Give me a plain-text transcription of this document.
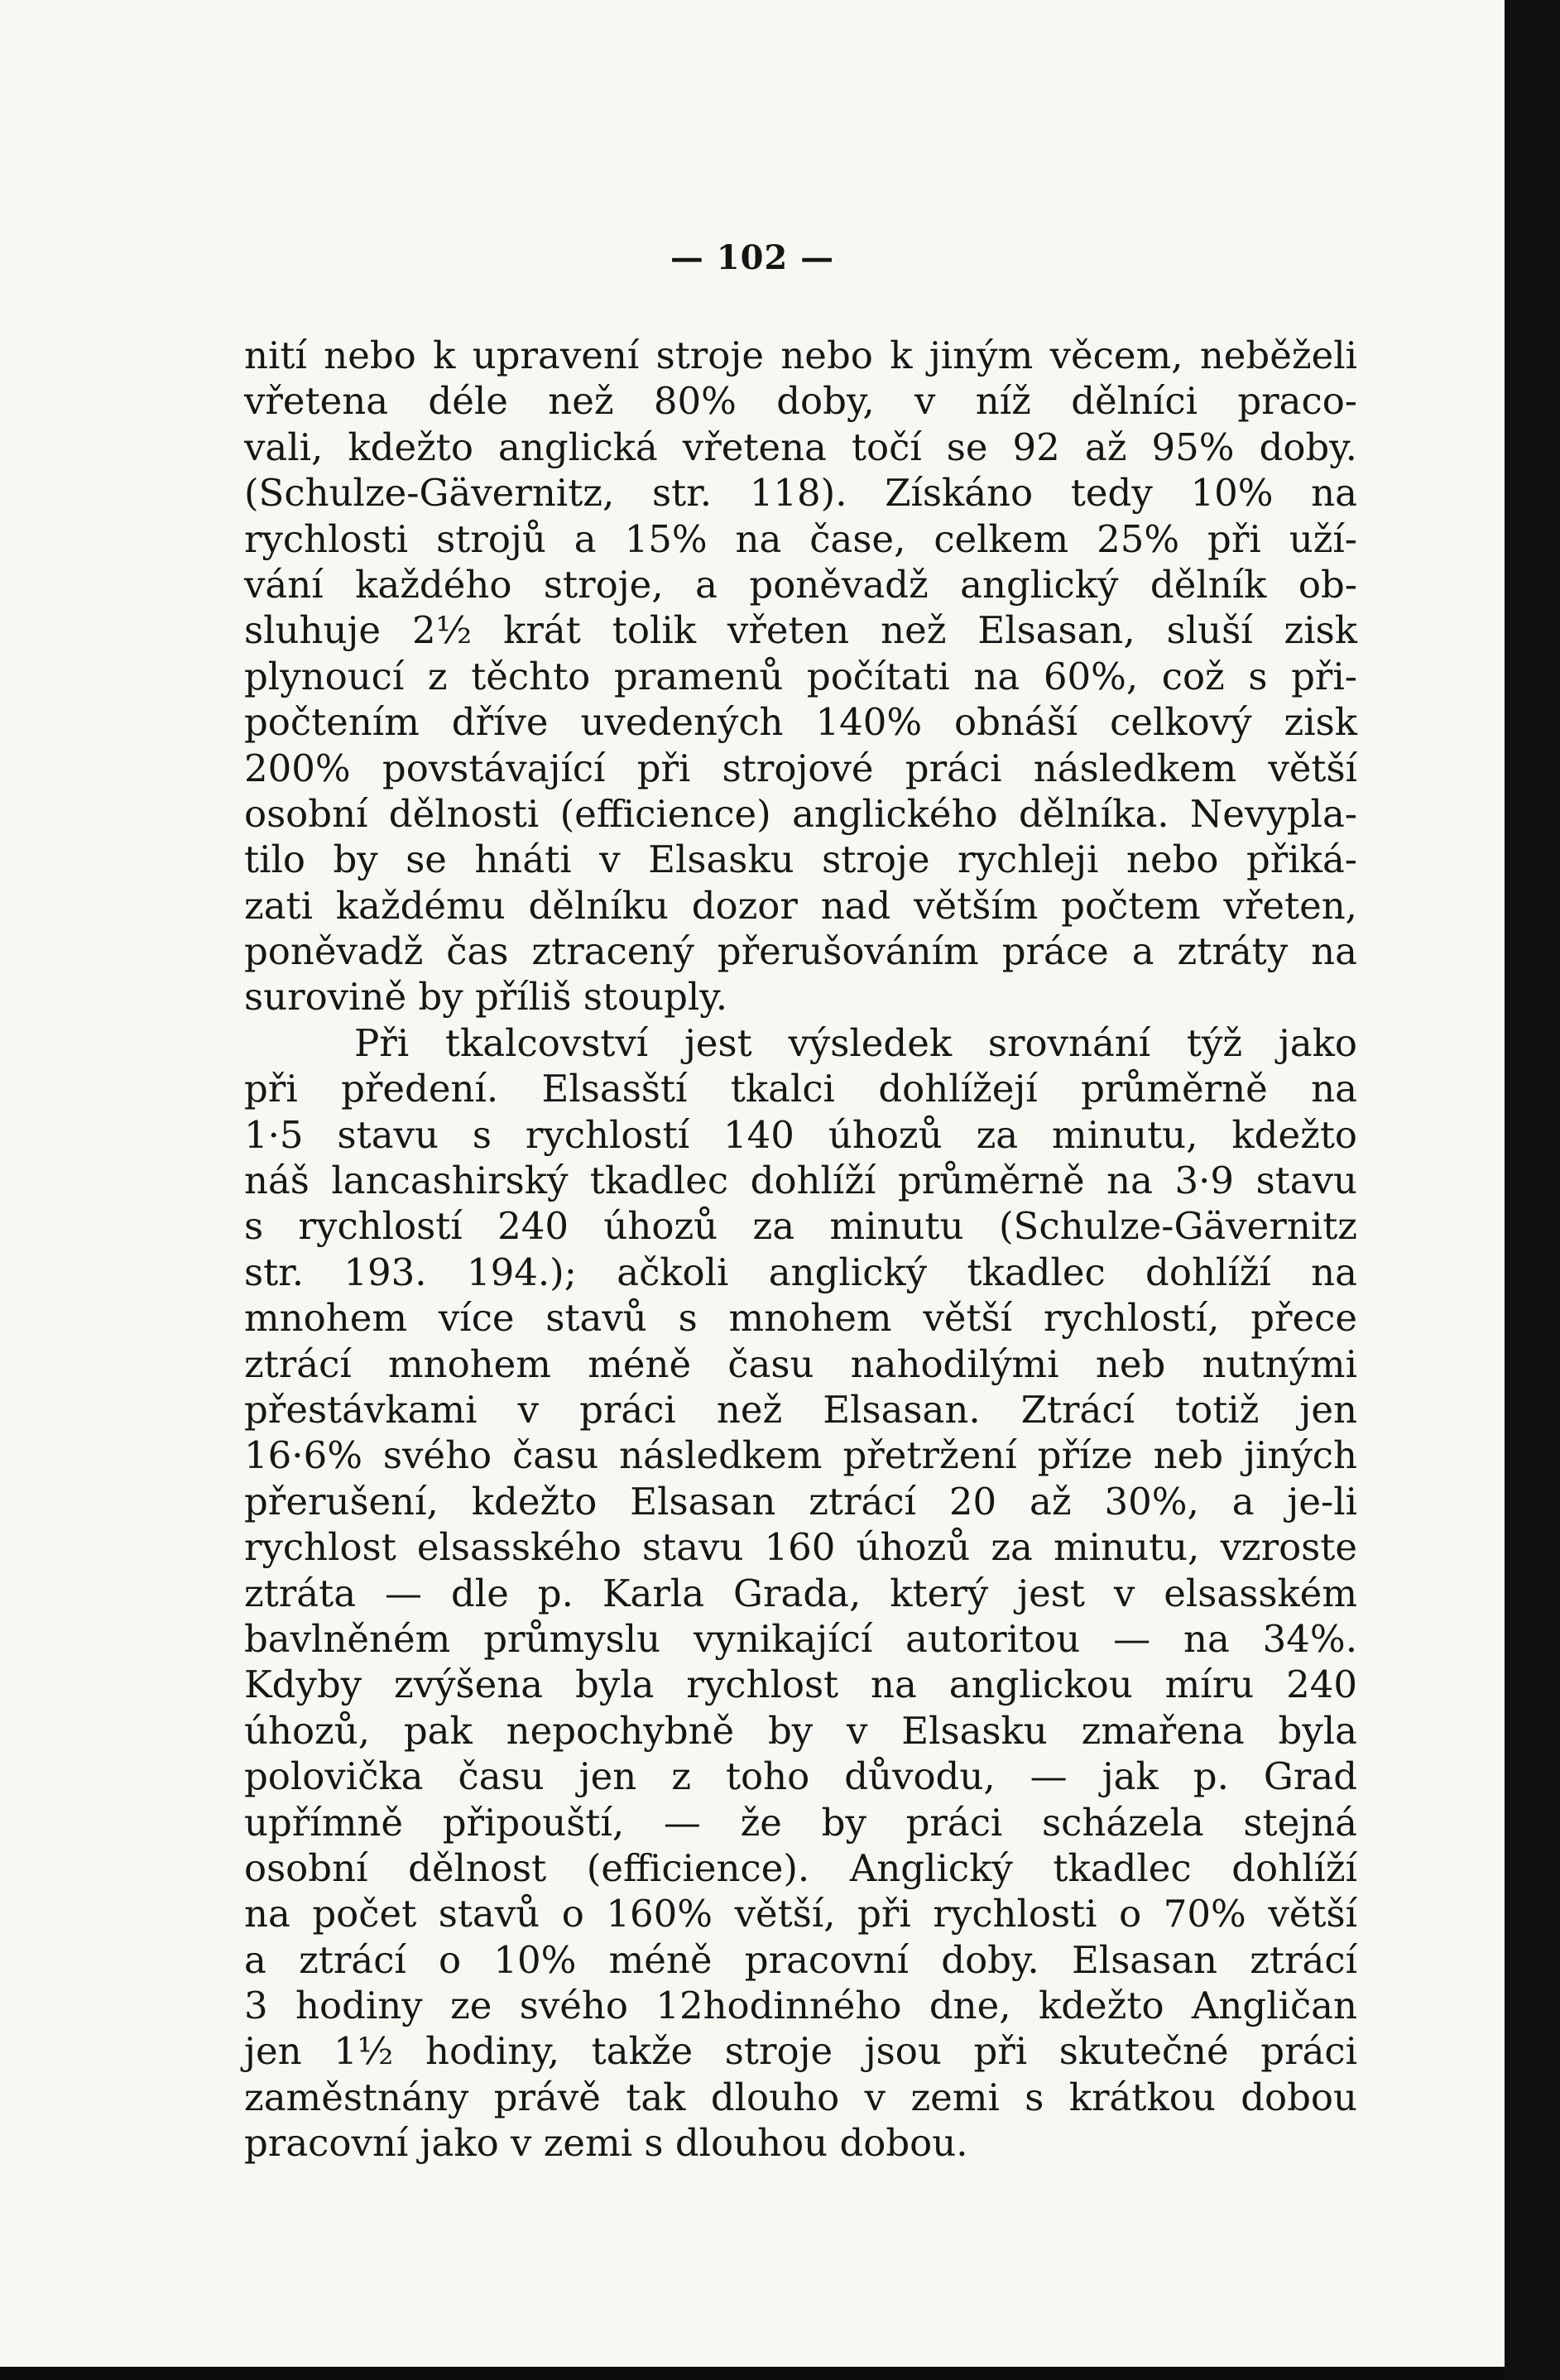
— 102 —
nití nebo k upravení stroje nebo k jiným věcem, neběželi
vřetena déle než 80% doby, v níž dělníci praco-
vali, kdežto anglická vřetena točí se 92 až 95% doby.
(Schulze-Gävernitz, str. 118). Získáno tedy 10% na
rychlosti strojů a 15% na čase, celkem 25% při uží-
vání každého stroje, a poněvadž anglický dělník ob-
sluhuje 2½ krát tolik vřeten než Elsasan, sluší zisk
plynoucí z těchto pramenů počítati na 60%, což s při-
počtením dříve uvedených 140% obnáší celkový zisk
200% povstávající při strojové práci následkem větší
osobní dělnosti (efficience) anglického dělníka. Nevypla-
tilo by se hnáti v Elsasku stroje rychleji nebo přiká-
zati každému dělníku dozor nad větším počtem vřeten,
poněvadž čas ztracený přerušováním práce a ztráty na
surovině by příliš stouply.
Při tkalcovství jest výsledek srovnání týž jako
při předení. Elsasští tkalci dohlížejí průměrně na
1·5 stavu s rychlostí 140 úhozů za minutu, kdežto
náš lancashirský tkadlec dohlíží průměrně na 3·9 stavu
s rychlostí 240 úhozů za minutu (Schulze-Gävernitz
str. 193. 194.); ačkoli anglický tkadlec dohlíží na
mnohem více stavů s mnohem větší rychlostí, přece
ztrácí mnohem méně času nahodilými neb nutnými
přestávkami v práci než Elsasan. Ztrácí totiž jen
16·6% svého času následkem přetržení příze neb jiných
přerušení, kdežto Elsasan ztrácí 20 až 30%, a je-li
rychlost elsasského stavu 160 úhozů za minutu, vzroste
ztráta — dle p. Karla Grada, který jest v elsasském
bavlněném průmyslu vynikající autoritou — na 34%.
Kdyby zvýšena byla rychlost na anglickou míru 240
úhozů, pak nepochybně by v Elsasku zmařena byla
polovička času jen z toho důvodu, — jak p. Grad
upřímně připouští, — že by práci scházela stejná
osobní dělnost (efficience). Anglický tkadlec dohlíží
na počet stavů o 160% větší, při rychlosti o 70% větší
a ztrácí o 10% méně pracovní doby. Elsasan ztrácí
3 hodiny ze svého 12hodinného dne, kdežto Angličan
jen 1½ hodiny, takže stroje jsou při skutečné práci
zaměstnány právě tak dlouho v zemi s krátkou dobou
pracovní jako v zemi s dlouhou dobou.
